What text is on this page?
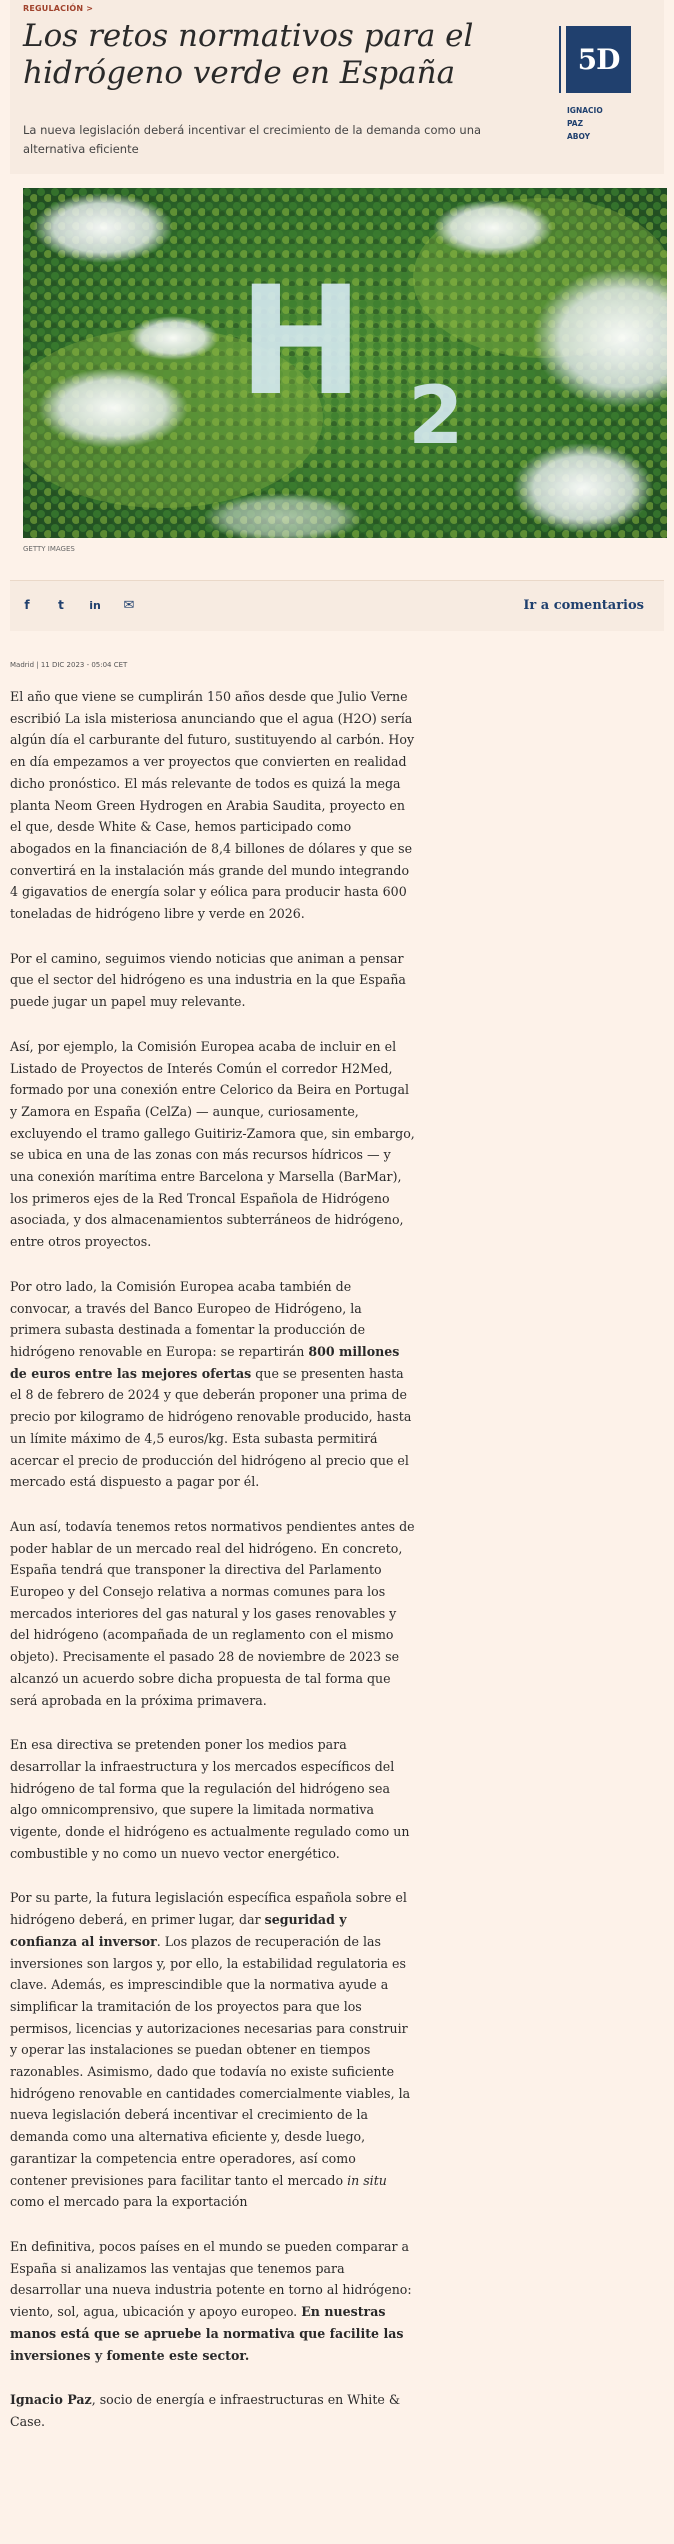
REGULACIÓN >
Los retos normativos para el hidrógeno verde en España
La nueva legislación deberá incentivar el crecimiento de la demanda como una alternativa eficiente
5D
IGNACIO
PAZ
ABOY
H 2
GETTY IMAGES
f	t	in	✉	Ir a comentarios
Madrid | 11 DIC 2023 - 05:04 CET

El año que viene se cumplirán 150 años desde que Julio Verne escribió La isla misteriosa anunciando que el agua (H2O) sería algún día el carburante del futuro, sustituyendo al carbón. Hoy en día empezamos a ver proyectos que convierten en realidad dicho pronóstico. El más relevante de todos es quizá la mega planta Neom Green Hydrogen en Arabia Saudita, proyecto en el que, desde White & Case, hemos participado como abogados en la financiación de 8,4 billones de dólares y que se convertirá en la instalación más grande del mundo integrando 4 gigavatios de energía solar y eólica para producir hasta 600 toneladas de hidrógeno libre y verde en 2026.

Por el camino, seguimos viendo noticias que animan a pensar que el sector del hidrógeno es una industria en la que España puede jugar un papel muy relevante.

Así, por ejemplo, la Comisión Europea acaba de incluir en el Listado de Proyectos de Interés Común el corredor H2Med, formado por una conexión entre Celorico da Beira en Portugal y Zamora en España (CelZa) — aunque, curiosamente, excluyendo el tramo gallego Guitiriz-Zamora que, sin embargo, se ubica en una de las zonas con más recursos hídricos — y una conexión marítima entre Barcelona y Marsella (BarMar), los primeros ejes de la Red Troncal Española de Hidrógeno asociada, y dos almacenamientos subterráneos de hidrógeno, entre otros proyectos.

Por otro lado, la Comisión Europea acaba también de convocar, a través del Banco Europeo de Hidrógeno, la primera subasta destinada a fomentar la producción de hidrógeno renovable en Europa: se repartirán 800 millones de euros entre las mejores ofertas que se presenten hasta el 8 de febrero de 2024 y que deberán proponer una prima de precio por kilogramo de hidrógeno renovable producido, hasta un límite máximo de 4,5 euros/kg. Esta subasta permitirá acercar el precio de producción del hidrógeno al precio que el mercado está dispuesto a pagar por él.

Aun así, todavía tenemos retos normativos pendientes antes de poder hablar de un mercado real del hidrógeno. En concreto, España tendrá que transponer la directiva del Parlamento Europeo y del Consejo relativa a normas comunes para los mercados interiores del gas natural y los gases renovables y del hidrógeno (acompañada de un reglamento con el mismo objeto). Precisamente el pasado 28 de noviembre de 2023 se alcanzó un acuerdo sobre dicha propuesta de tal forma que será aprobada en la próxima primavera.

En esa directiva se pretenden poner los medios para desarrollar la infraestructura y los mercados específicos del hidrógeno de tal forma que la regulación del hidrógeno sea algo omnicomprensivo, que supere la limitada normativa vigente, donde el hidrógeno es actualmente regulado como un combustible y no como un nuevo vector energético.

Por su parte, la futura legislación específica española sobre el hidrógeno deberá, en primer lugar, dar seguridad y confianza al inversor. Los plazos de recuperación de las inversiones son largos y, por ello, la estabilidad regulatoria es clave. Además, es imprescindible que la normativa ayude a simplificar la tramitación de los proyectos para que los permisos, licencias y autorizaciones necesarias para construir y operar las instalaciones se puedan obtener en tiempos razonables. Asimismo, dado que todavía no existe suficiente hidrógeno renovable en cantidades comercialmente viables, la nueva legislación deberá incentivar el crecimiento de la demanda como una alternativa eficiente y, desde luego, garantizar la competencia entre operadores, así como contener previsiones para facilitar tanto el mercado in situ como el mercado para la exportación

En definitiva, pocos países en el mundo se pueden comparar a España si analizamos las ventajas que tenemos para desarrollar una nueva industria potente en torno al hidrógeno: viento, sol, agua, ubicación y apoyo europeo. En nuestras manos está que se apruebe la normativa que facilite las inversiones y fomente este sector.

Ignacio Paz, socio de energía e infraestructuras en White & Case.
